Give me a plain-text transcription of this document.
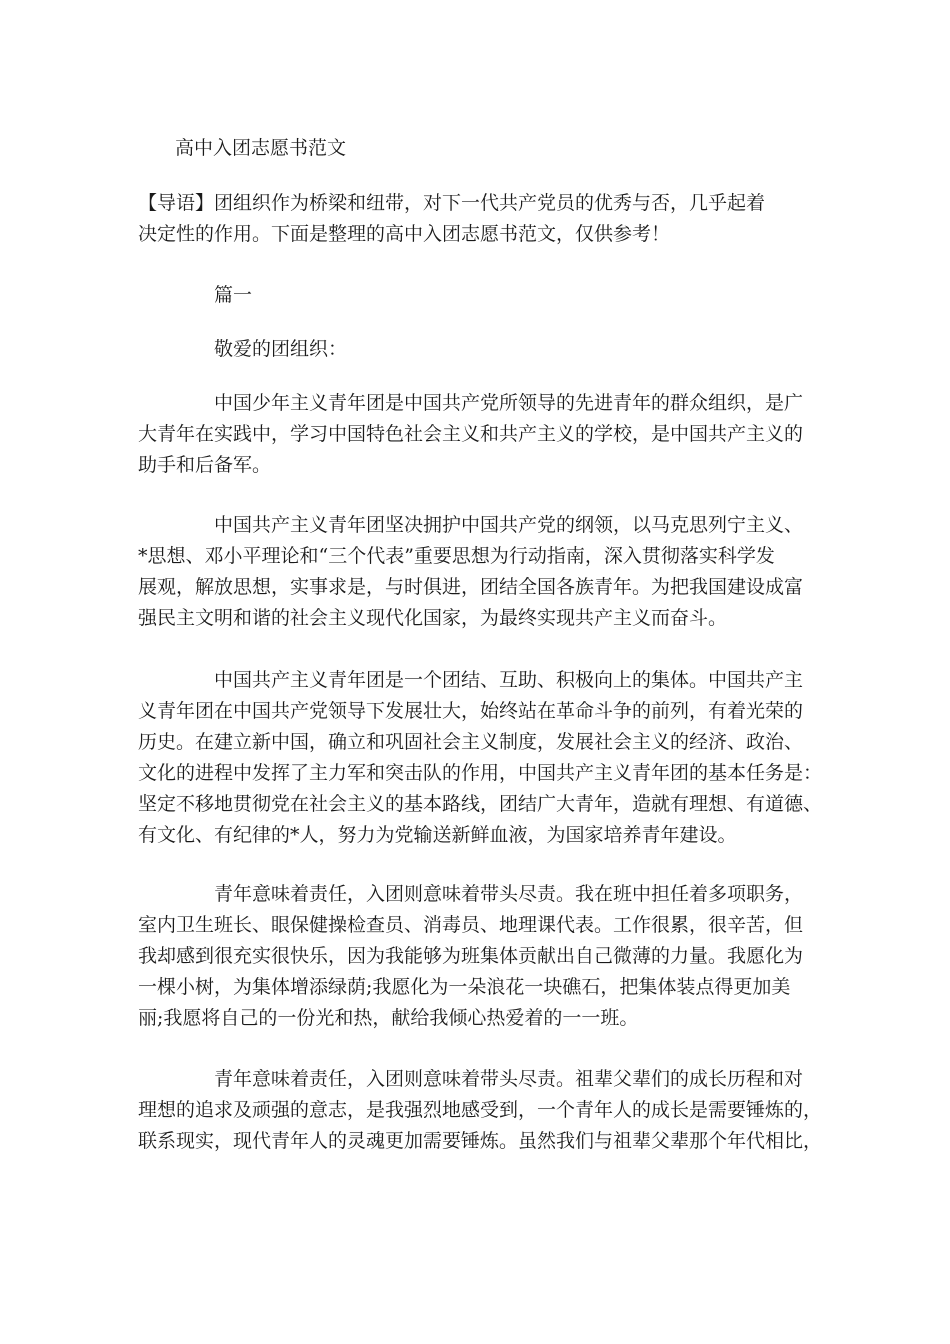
高中入团志愿书范文
【导语】团组织作为桥梁和纽带，对下一代共产党员的优秀与否，几乎起着
决定性的作用。下面是整理的高中入团志愿书范文，仅供参考！
篇一
敬爱的团组织：
中国少年主义青年团是中国共产党所领导的先进青年的群众组织，是广
大青年在实践中，学习中国特色社会主义和共产主义的学校，是中国共产主义的
助手和后备军。
中国共产主义青年团坚决拥护中国共产党的纲领，以马克思列宁主义、
*思想、邓小平理论和“三个代表”重要思想为行动指南，深入贯彻落实科学发
展观，解放思想，实事求是，与时俱进，团结全国各族青年。为把我国建设成富
强民主文明和谐的社会主义现代化国家，为最终实现共产主义而奋斗。
中国共产主义青年团是一个团结、互助、积极向上的集体。中国共产主
义青年团在中国共产党领导下发展壮大，始终站在革命斗争的前列，有着光荣的
历史。在建立新中国，确立和巩固社会主义制度，发展社会主义的经济、政治、
文化的进程中发挥了主力军和突击队的作用，中国共产主义青年团的基本任务是：
坚定不移地贯彻党在社会主义的基本路线，团结广大青年，造就有理想、有道德、
有文化、有纪律的*人，努力为党输送新鲜血液，为国家培养青年建设。
青年意味着责任，入团则意味着带头尽责。我在班中担任着多项职务，
室内卫生班长、眼保健操检查员、消毒员、地理课代表。工作很累，很辛苦，但
我却感到很充实很快乐，因为我能够为班集体贡献出自己微薄的力量。我愿化为
一棵小树，为集体增添绿荫;我愿化为一朵浪花一块礁石，把集体装点得更加美
丽;我愿将自己的一份光和热，献给我倾心热爱着的一一班。
青年意味着责任，入团则意味着带头尽责。祖辈父辈们的成长历程和对
理想的追求及顽强的意志，是我强烈地感受到，一个青年人的成长是需要锤炼的，
联系现实，现代青年人的灵魂更加需要锤炼。虽然我们与祖辈父辈那个年代相比，
